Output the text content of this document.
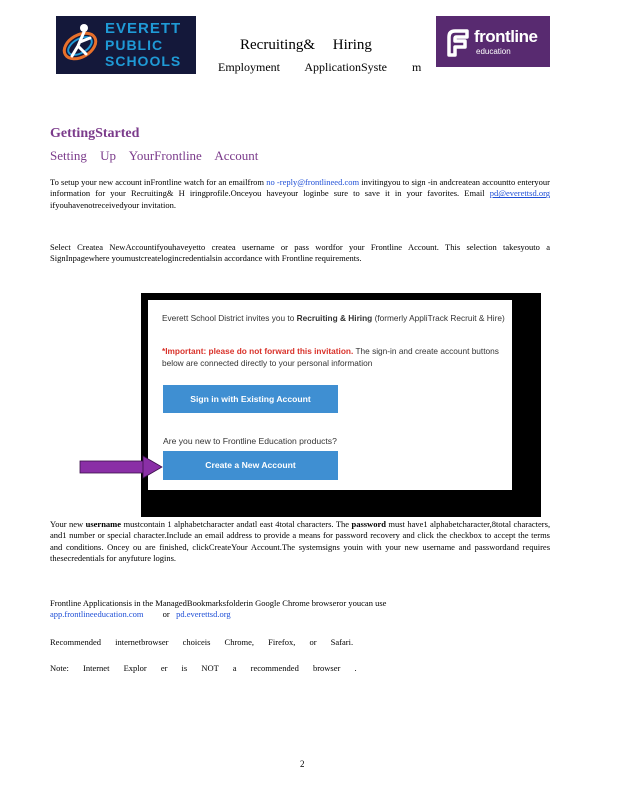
EVERETT
PUBLIC
SCHOOLS
Recruiting& Hiring
Employment ApplicationSyste m
frontline
education
GettingStarted
Setting Up YourFrontline Account
To setup your new account inFrontline watch for an emailfrom no -reply@frontlineed.com invitingyou to sign -in andcreatean accountto enteryour information for your Recruiting& H iringprofile.Onceyou haveyour loginbe sure to save it in your favorites. Email pd@everettsd.org ifyouhavenotreceivedyour invitation.
Select Createa NewAccountifyouhaveyetto createa username or pass wordfor your Frontline Account. This selection takesyouto a SignInpagewhere youmustcreatelogincredentialsin accordance with Frontline requirements.
Everett School District invites you to Recruiting & Hiring (formerly AppliTrack Recruit & Hire)
*Important: please do not forward this invitation. The sign-in and create account buttons below are connected directly to your personal information
Sign in with Existing Account
Are you new to Frontline Education products?
Create a New Account
Your new username mustcontain 1 alphabetcharacter andatl east 4total characters. The password must have1 alphabetcharacter,8total characters, and1 number or special character.Include an email address to provide a means for password recovery and click the checkbox to accept the terms and conditions. Oncey ou are finished, clickCreateYour Account.The systemsigns youin with your new username and passwordand requires thesecredentials for anyfuture logins.
Frontline Applicationsis in the ManagedBookmarksfolderin Google Chrome browseror youcan use
app.frontlineeducation.com or pd.everettsd.org
Recommended internetbrowser choiceis Chrome, Firefox, or Safari.
Note: Internet Explor er is NOT a recommended browser .
2
